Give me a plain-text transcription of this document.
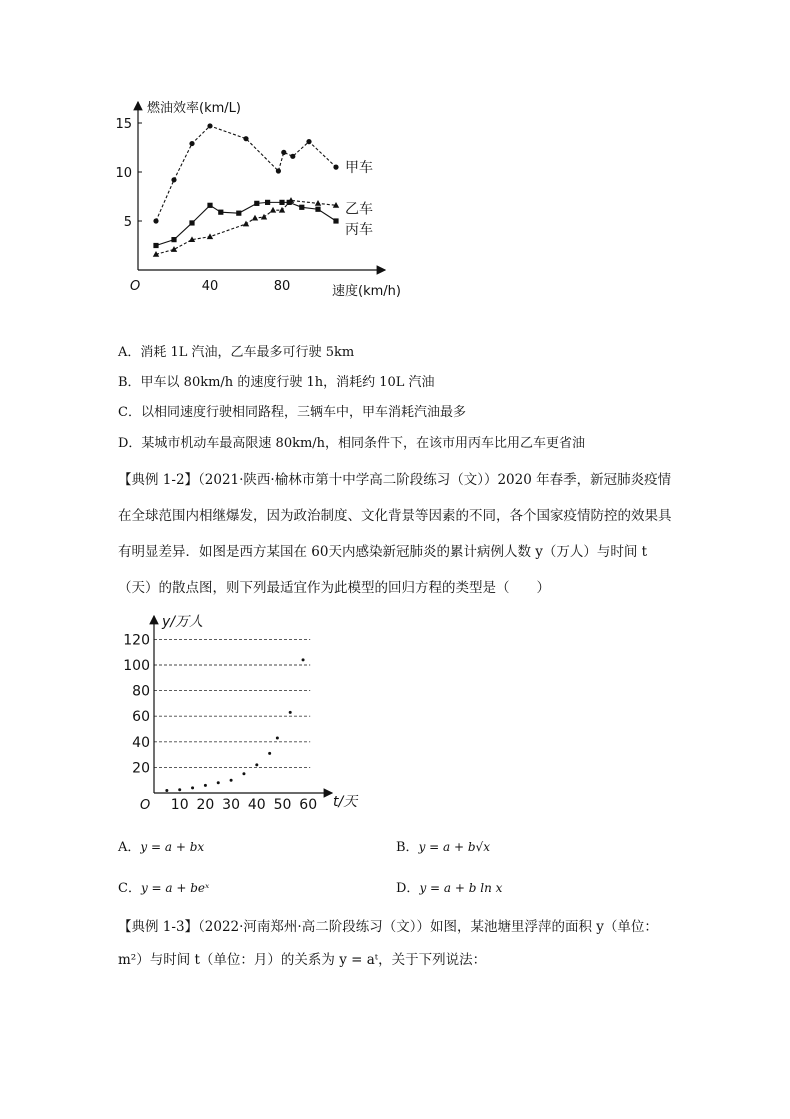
燃油效率(km/L)
速度(km/h)
O	40	80
5
10
15
甲车
乙车
丙车
A．消耗 1L 汽油，乙车最多可行驶 5km
B．甲车以 80km/h 的速度行驶 1h，消耗约 10L 汽油
C．以相同速度行驶相同路程，三辆车中，甲车消耗汽油最多
D．某城市机动车最高限速 80km/h，相同条件下，在该市用丙车比用乙车更省油
【典例 1-2】（2021·陕西·榆林市第十中学高二阶段练习（文））2020 年春季，新冠肺炎疫情在全球范围内相继爆发，因为政治制度、文化背景等因素的不同，各个国家疫情防控的效果具有明显差异．如图是西方某国在 60天内感染新冠肺炎的累计病例人数 y（万人）与时间 t（天）的散点图，则下列最适宜作为此模型的回归方程的类型是（　　）
y/万人
t/天
O
20
40
60
80
100
120
10 20 30 40 50 60
A．y = a + bx	B．y = a + b√x
C．y = a + beˣ	D．y = a + b ln x
【典例 1-3】（2022·河南郑州·高二阶段练习（文））如图，某池塘里浮萍的面积 y（单位：
m²）与时间 t（单位：月）的关系为 y = aᵗ，关于下列说法：
